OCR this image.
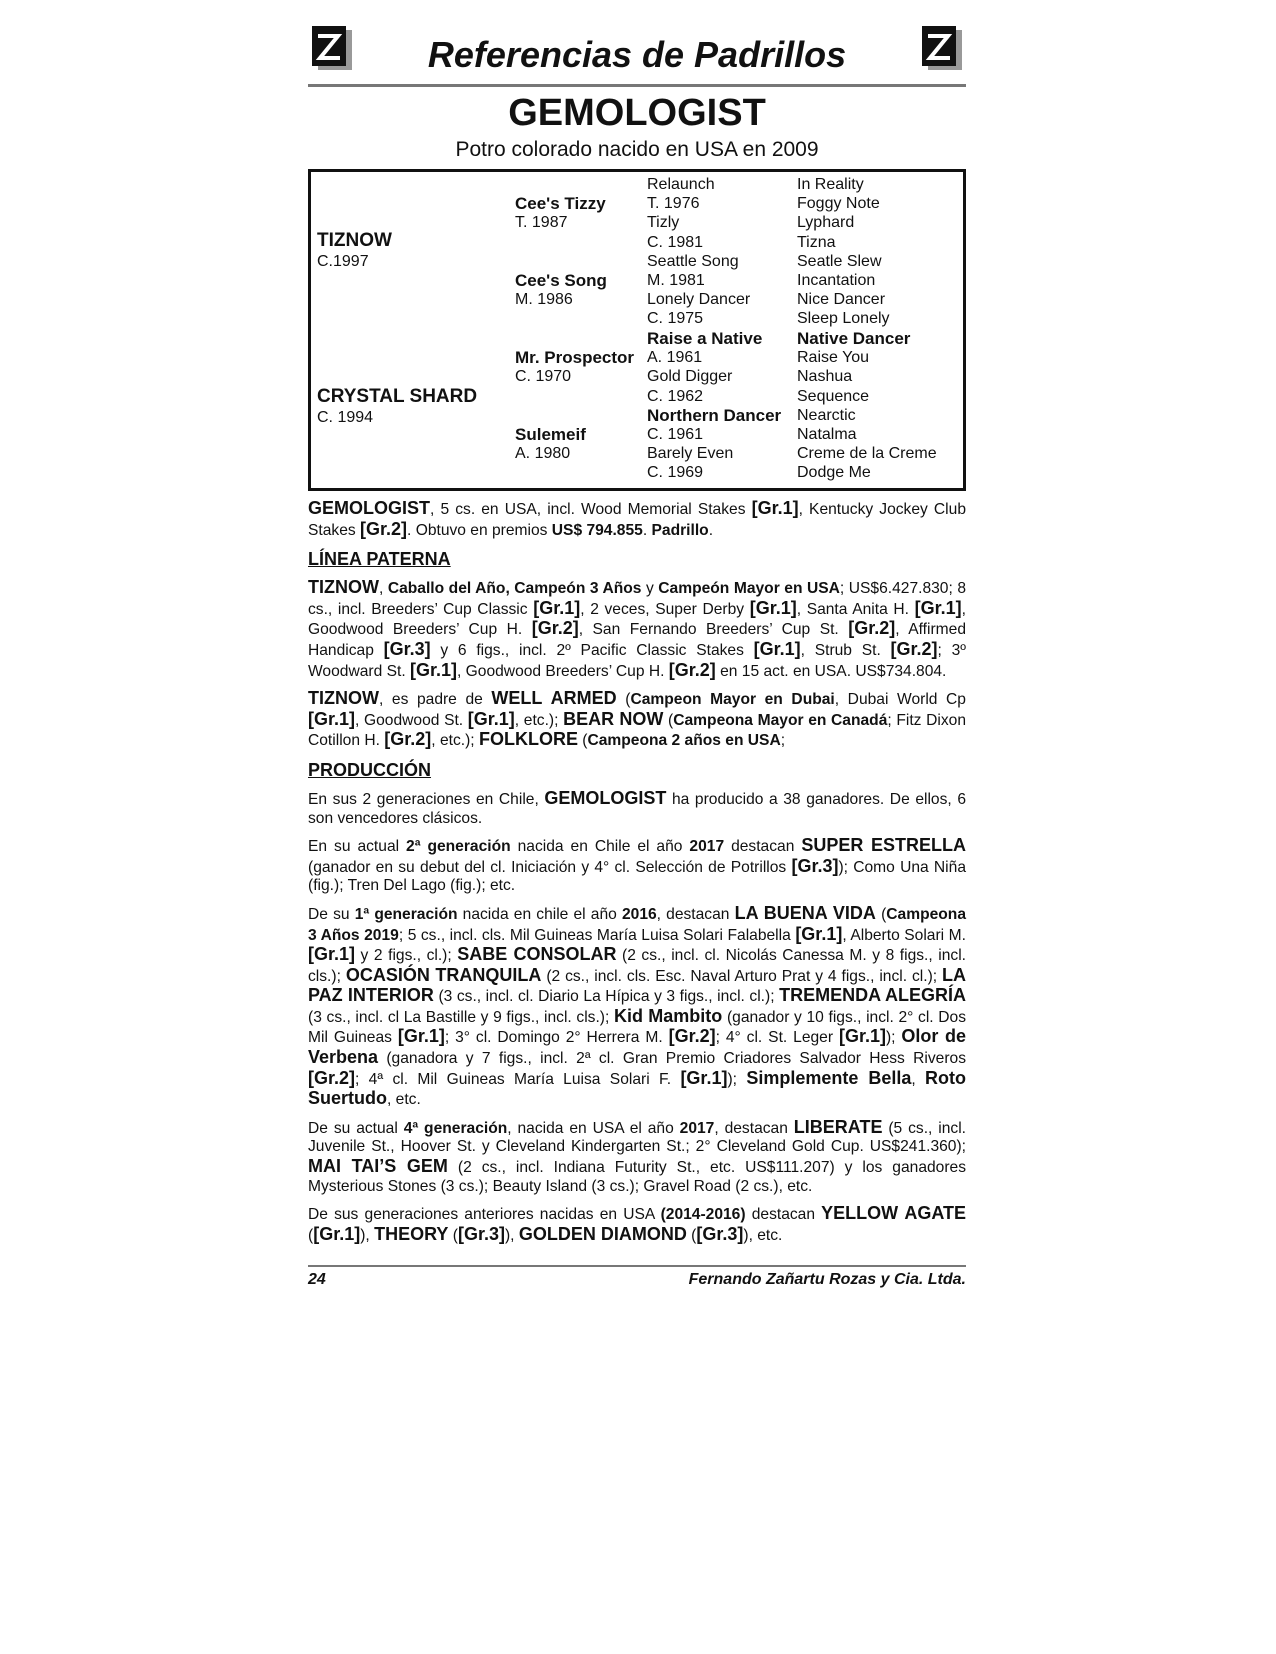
Referencias de Padrillos
GEMOLOGIST
Potro colorado nacido en USA en 2009
TIZNOW
C.1997
CRYSTAL SHARD
C. 1994
Cee's Tizzy
T. 1987
Cee's Song
M. 1986
Mr. Prospector
C. 1970
Sulemeif
A. 1980
Relaunch
T. 1976
Tizly
C. 1981
Seattle Song
M. 1981
Lonely Dancer
C. 1975
Raise a Native
A. 1961
Gold Digger
C. 1962
Northern Dancer
C. 1961
Barely Even
C. 1969
In Reality
Foggy Note
Lyphard
Tizna
Seatle Slew
Incantation
Nice Dancer
Sleep Lonely
Native Dancer
Raise You
Nashua
Sequence
Nearctic
Natalma
Creme de la Creme
Dodge Me
GEMOLOGIST, 5 cs. en USA, incl. Wood Memorial Stakes [Gr.1], Kentucky Jockey Club Stakes [Gr.2]. Obtuvo en premios US$ 794.855. Padrillo.
LÍNEA PATERNA
TIZNOW, Caballo del Año, Campeón 3 Años y Campeón Mayor en USA; US$6.427.830; 8 cs., incl. Breeders’ Cup Classic [Gr.1], 2 veces, Super Derby [Gr.1], Santa Anita H. [Gr.1], Goodwood Breeders’ Cup H. [Gr.2], San Fernando Breeders’ Cup St. [Gr.2], Affirmed Handicap [Gr.3] y 6 figs., incl. 2º Pacific Classic Stakes [Gr.1], Strub St. [Gr.2]; 3º Woodward St. [Gr.1], Goodwood Breeders’ Cup H. [Gr.2] en 15 act. en USA. US$734.804.
TIZNOW, es padre de WELL ARMED (Campeon Mayor en Dubai, Dubai World Cp [Gr.1], Goodwood St. [Gr.1], etc.); BEAR NOW (Campeona Mayor en Canadá; Fitz Dixon Cotillon H. [Gr.2], etc.); FOLKLORE (Campeona 2 años en USA;
PRODUCCIÓN
En sus 2 generaciones en Chile, GEMOLOGIST ha producido a 38 ganadores. De ellos, 6 son vencedores clásicos.
En su actual 2ª generación nacida en Chile el año 2017 destacan SUPER ESTRELLA (ganador en su debut del cl. Iniciación y 4° cl. Selección de Potrillos [Gr.3]); Como Una Niña (fig.); Tren Del Lago (fig.); etc.
De su 1ª generación nacida en chile el año 2016, destacan LA BUENA VIDA (Campeona 3 Años 2019; 5 cs., incl. cls. Mil Guineas María Luisa Solari Falabella [Gr.1], Alberto Solari M. [Gr.1] y 2 figs., cl.); SABE CONSOLAR (2 cs., incl. cl. Nicolás Canessa M. y 8 figs., incl. cls.); OCASIÓN TRANQUILA (2 cs., incl. cls. Esc. Naval Arturo Prat y 4 figs., incl. cl.); LA PAZ INTERIOR (3 cs., incl. cl. Diario La Hípica y 3 figs., incl. cl.); TREMENDA ALEGRÍA (3 cs., incl. cl La Bastille y 9 figs., incl. cls.); Kid Mambito (ganador y 10 figs., incl. 2° cl. Dos Mil Guineas [Gr.1]; 3° cl. Domingo 2° Herrera M. [Gr.2]; 4° cl. St. Leger [Gr.1]); Olor de Verbena (ganadora y 7 figs., incl. 2ª cl. Gran Premio Criadores Salvador Hess Riveros [Gr.2]; 4ª cl. Mil Guineas María Luisa Solari F. [Gr.1]); Simplemente Bella, Roto Suertudo, etc.
De su actual 4ª generación, nacida en USA el año 2017, destacan LIBERATE (5 cs., incl. Juvenile St., Hoover St. y Cleveland Kindergarten St.; 2° Cleveland Gold Cup. US$241.360); MAI TAI’S GEM (2 cs., incl. Indiana Futurity St., etc. US$111.207) y los ganadores Mysterious Stones (3 cs.); Beauty Island (3 cs.); Gravel Road (2 cs.), etc.
De sus generaciones anteriores nacidas en USA (2014-2016) destacan YELLOW AGATE ([Gr.1]), THEORY ([Gr.3]), GOLDEN DIAMOND ([Gr.3]), etc.
24	Fernando Zañartu Rozas y Cia. Ltda.
